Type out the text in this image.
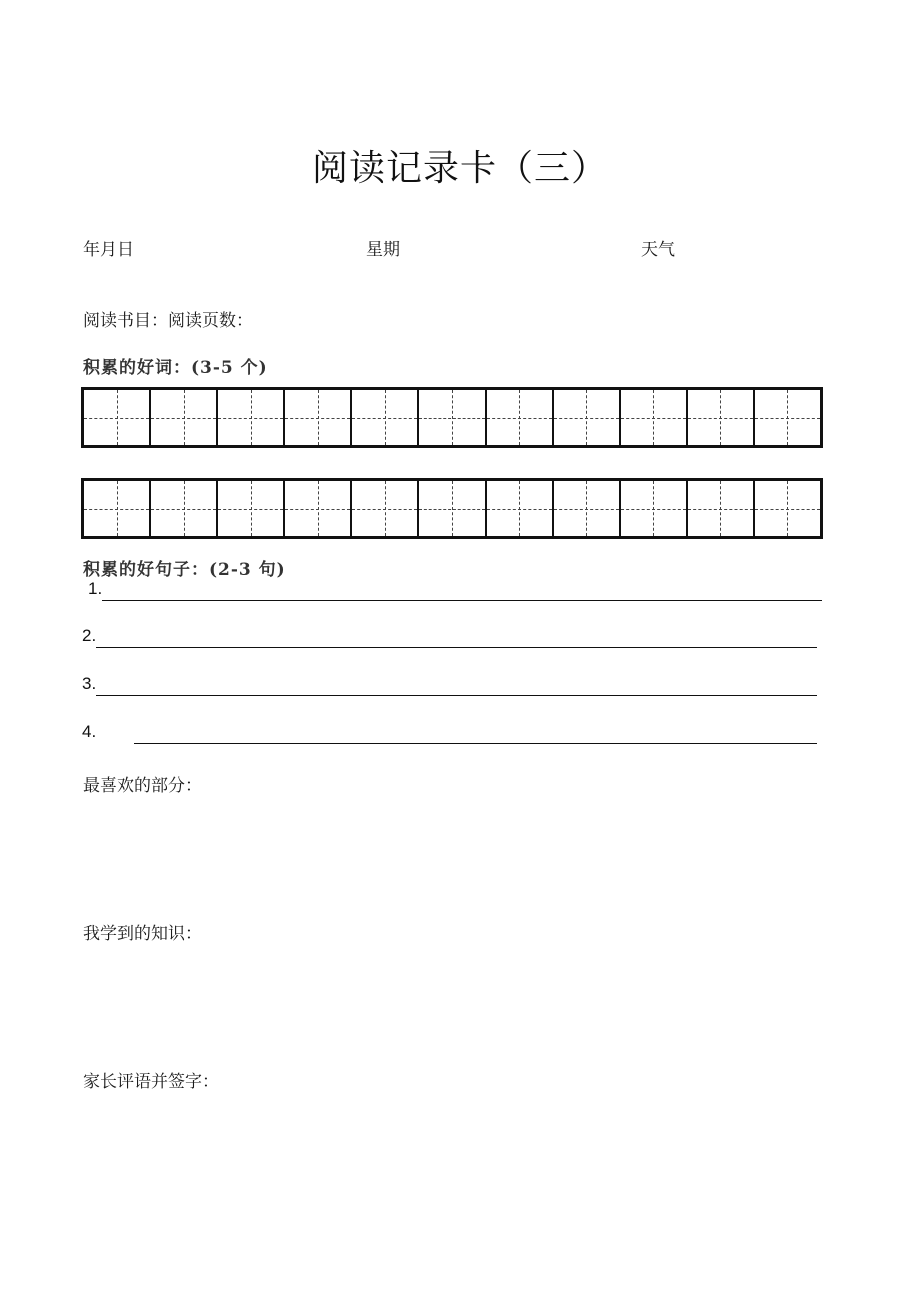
阅读记录卡（三）
年月日	星期	天气
阅读书目：阅读页数：
积累的好词：(3-5 个)
积累的好句子：(2-3 句)
1.
2.
3.
4.
最喜欢的部分：
我学到的知识：
家长评语并签字：
